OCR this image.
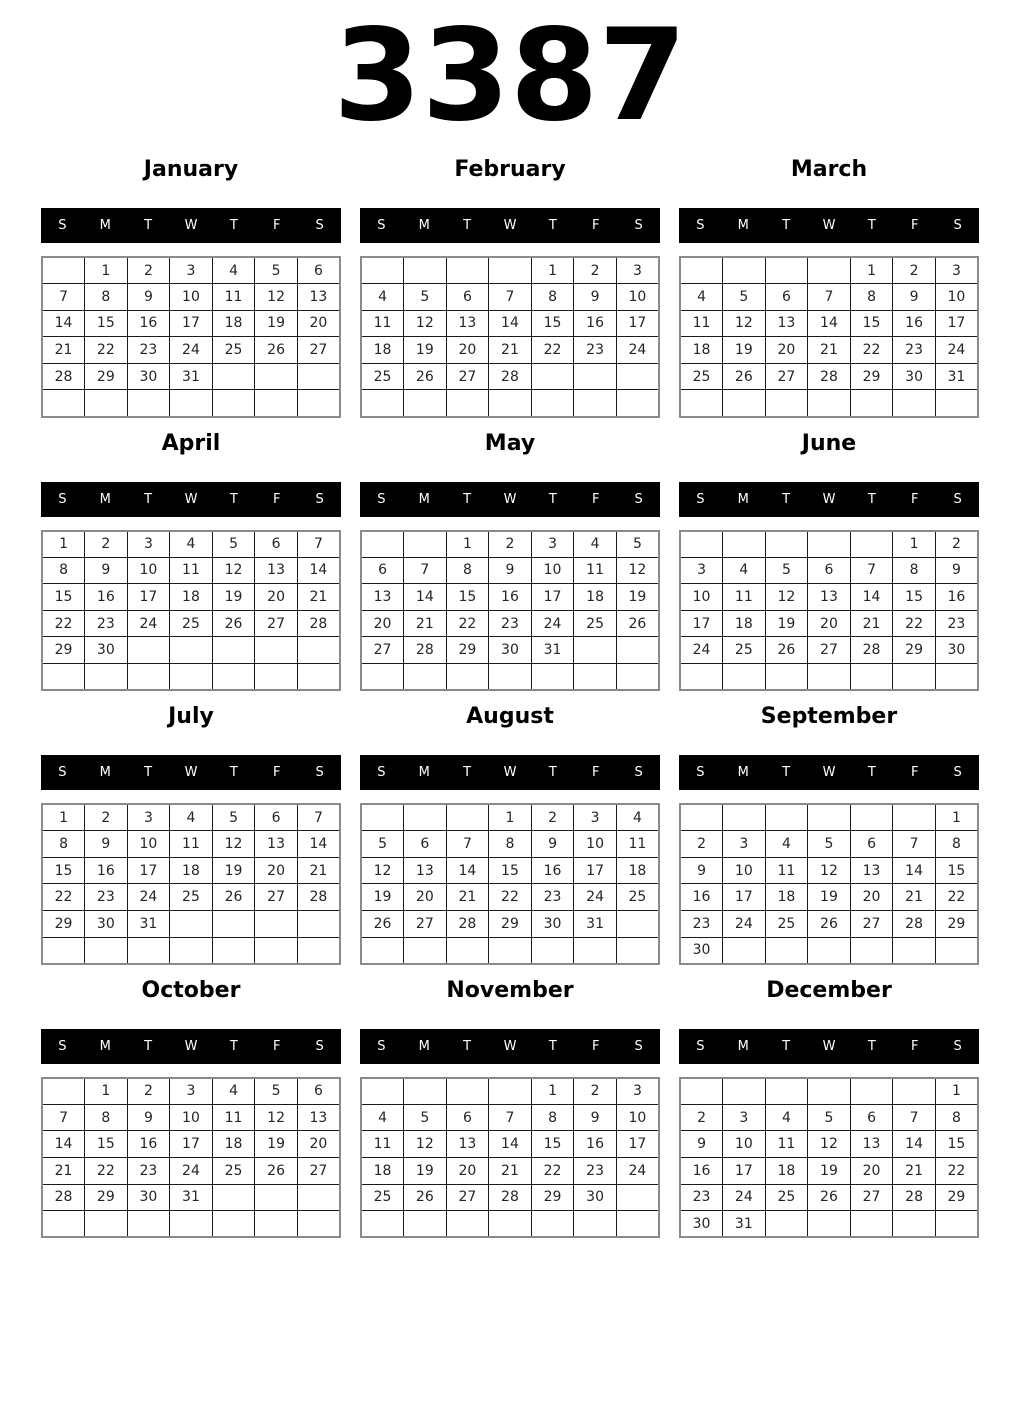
3387
January
S	M	T	W	T	F	S
	1	2	3	4	5	6
7	8	9	10	11	12	13
14	15	16	17	18	19	20
21	22	23	24	25	26	27
28	29	30	31			

February
S	M	T	W	T	F	S
				1	2	3
4	5	6	7	8	9	10
11	12	13	14	15	16	17
18	19	20	21	22	23	24
25	26	27	28			

March
S	M	T	W	T	F	S
				1	2	3
4	5	6	7	8	9	10
11	12	13	14	15	16	17
18	19	20	21	22	23	24
25	26	27	28	29	30	31

April
S	M	T	W	T	F	S
1	2	3	4	5	6	7
8	9	10	11	12	13	14
15	16	17	18	19	20	21
22	23	24	25	26	27	28
29	30					

May
S	M	T	W	T	F	S
		1	2	3	4	5
6	7	8	9	10	11	12
13	14	15	16	17	18	19
20	21	22	23	24	25	26
27	28	29	30	31		

June
S	M	T	W	T	F	S
					1	2
3	4	5	6	7	8	9
10	11	12	13	14	15	16
17	18	19	20	21	22	23
24	25	26	27	28	29	30

July
S	M	T	W	T	F	S
1	2	3	4	5	6	7
8	9	10	11	12	13	14
15	16	17	18	19	20	21
22	23	24	25	26	27	28
29	30	31				

August
S	M	T	W	T	F	S
			1	2	3	4
5	6	7	8	9	10	11
12	13	14	15	16	17	18
19	20	21	22	23	24	25
26	27	28	29	30	31	

September
S	M	T	W	T	F	S
						1
2	3	4	5	6	7	8
9	10	11	12	13	14	15
16	17	18	19	20	21	22
23	24	25	26	27	28	29
30						
October
S	M	T	W	T	F	S
	1	2	3	4	5	6
7	8	9	10	11	12	13
14	15	16	17	18	19	20
21	22	23	24	25	26	27
28	29	30	31			

November
S	M	T	W	T	F	S
				1	2	3
4	5	6	7	8	9	10
11	12	13	14	15	16	17
18	19	20	21	22	23	24
25	26	27	28	29	30	

December
S	M	T	W	T	F	S
						1
2	3	4	5	6	7	8
9	10	11	12	13	14	15
16	17	18	19	20	21	22
23	24	25	26	27	28	29
30	31					
